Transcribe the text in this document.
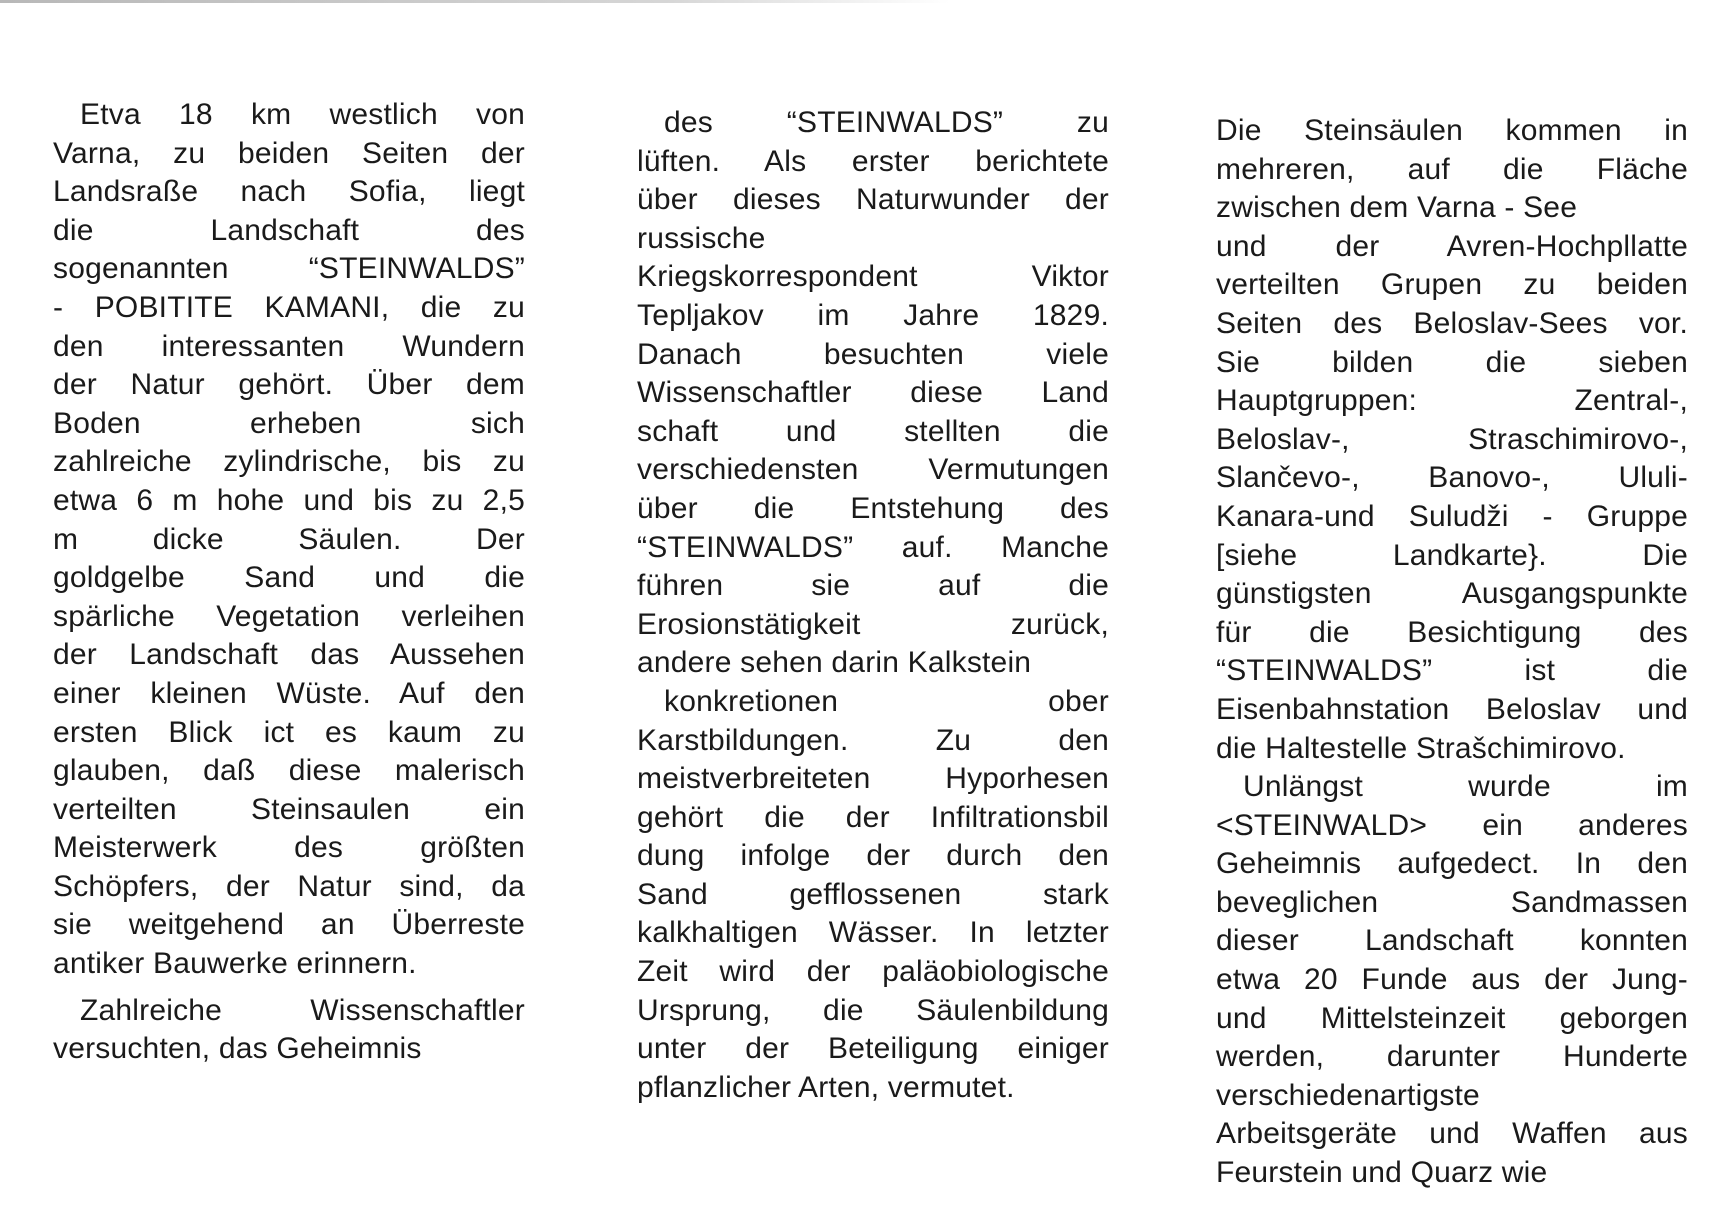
Etva 18 km westlich von
Varna, zu beiden Seiten der
Landsraße nach Sofia, liegt
die Landschaft des
sogenannten “STEINWALDS”
- POBITITE KAMANI, die zu
den interessanten Wundern
der Natur gehört. Über dem
Boden erheben sich
zahlreiche zylindrische, bis zu
etwa 6 m hohe und bis zu 2,5
m dicke Säulen. Der
goldgelbe Sand und die
spärliche Vegetation verleihen
der Landschaft das Aussehen
einer kleinen Wüste. Auf den
ersten Blick ict es kaum zu
glauben, daß diese malerisch
verteilten Steinsaulen ein
Meisterwerk des größten
Schöpfers, der Natur sind, da
sie weitgehend an Überreste
antiker Bauwerke erinnern.
Zahlreiche Wissenschaftler
versuchten, das Geheimnis
des “STEINWALDS” zu
lüften. Als erster berichtete
über dieses Naturwunder der
russische
Kriegskorrespondent Viktor
Tepljakov im Jahre 1829.
Danach besuchten viele
Wissenschaftler diese Land
schaft und stellten die
verschiedensten Vermutungen
über die Entstehung des
“STEINWALDS” auf. Manche
führen sie auf die
Erosionstätigkeit zurück,
andere sehen darin Kalkstein
konkretionen ober
Karstbildungen. Zu den
meistverbreiteten Hyporhesen
gehört die der Infiltrationsbil
dung infolge der durch den
Sand gefflossenen stark
kalkhaltigen Wässer. In letzter
Zeit wird der paläobiologische
Ursprung, die Säulenbildung
unter der Beteiligung einiger
pflanzlicher Arten, vermutet.
Die Steinsäulen kommen in
mehreren, auf die Fläche
zwischen dem Varna - See
und der Avren-Hochpllatte
verteilten Grupen zu beiden
Seiten des Beloslav-Sees vor.
Sie bilden die sieben
Hauptgruppen: Zentral-,
Beloslav-, Straschimirovo-,
Slančevo-, Banovo-, Ululi-
Kanara-und Suludži - Gruppe
[siehe Landkarte}. Die
günstigsten Ausgangspunkte
für die Besichtigung des
“STEINWALDS” ist die
Eisenbahnstation Beloslav und
die Haltestelle Strašchimirovo.
Unlängst wurde im
<STEINWALD> ein anderes
Geheimnis aufgedect. In den
beveglichen Sandmassen
dieser Landschaft konnten
etwa 20 Funde aus der Jung-
und Mittelsteinzeit geborgen
werden, darunter Hunderte
verschiedenartigste
Arbeitsgeräte und Waffen aus
Feurstein und Quarz wie
